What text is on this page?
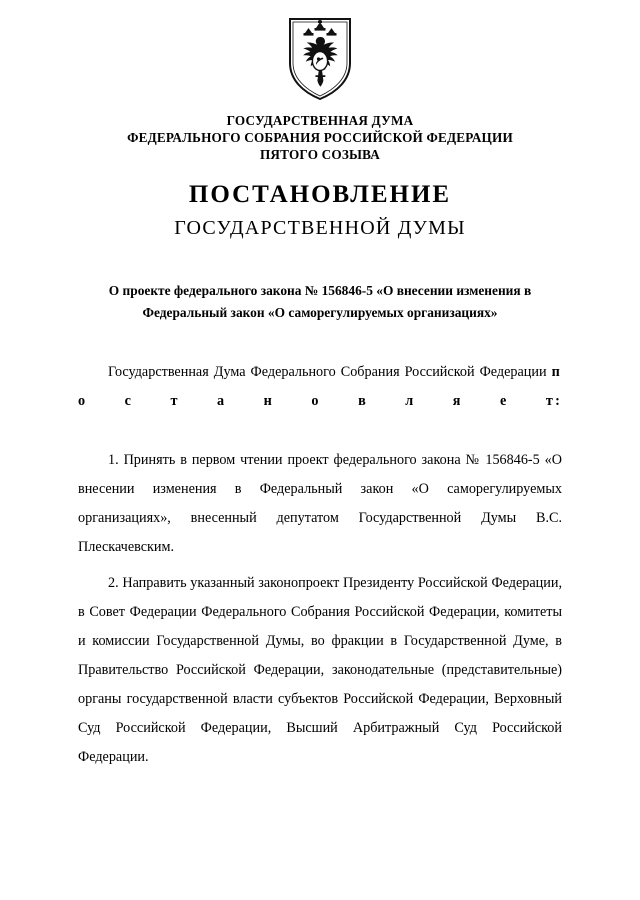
ГОСУДАРСТВЕННАЯ ДУМА
ФЕДЕРАЛЬНОГО СОБРАНИЯ РОССИЙСКОЙ ФЕДЕРАЦИИ
ПЯТОГО СОЗЫВА
ПОСТАНОВЛЕНИЕ
ГОСУДАРСТВЕННОЙ ДУМЫ
О проекте федерального закона № 156846-5 «О внесении изменения в Федеральный закон «О саморегулируемых организациях»

Государственная Дума Федерального Собрания Российской Федерации п о с т а н о в л я е т:

1. Принять в первом чтении проект федерального закона № 156846-5 «О внесении изменения в Федеральный закон «О саморегулируемых организациях», внесенный депутатом Государственной Думы В.С. Плескачевским.

2. Направить указанный законопроект Президенту Российской Федерации, в Совет Федерации Федерального Собрания Российской Федерации, комитеты и комиссии Государственной Думы, во фракции в Государственной Думе, в Правительство Российской Федерации, законодательные (представительные) органы государственной власти субъектов Российской Федерации, Верховный Суд Российской Федерации, Высший Арбитражный Суд Российской Федерации.
